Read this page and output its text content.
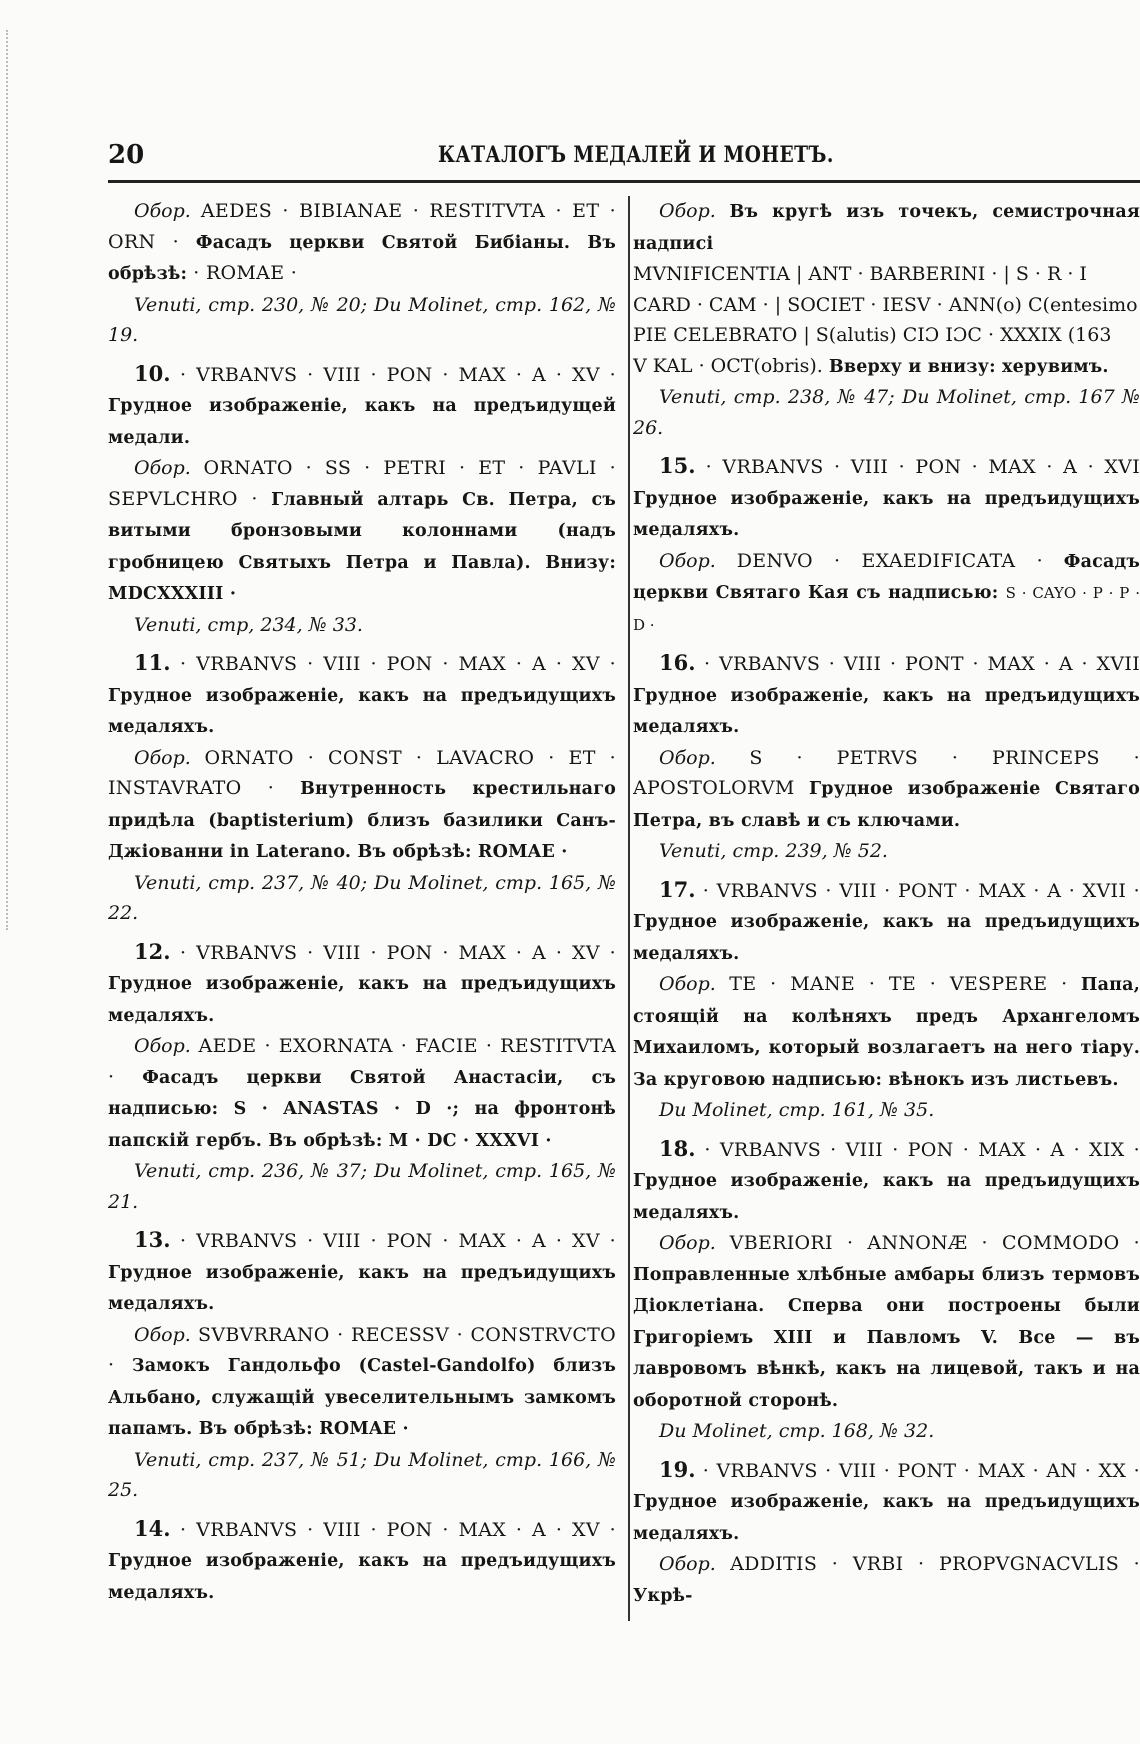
20	КАТАЛОГЪ МЕДАЛЕЙ И МОНЕТЪ.

Обор. AEDES · BIBIANAE · RESTITVTA · ET · ORN · Фасадъ церкви Святой Бибіаны. Въ обрѣзѣ: · ROMAE ·

Venuti, стр. 230, № 20; Du Molinet, стр. 162, № 19.

10. · VRBANVS · VIII · PON · MAX · A · XV · Грудное изображеніе, какъ на предъидущей медали.

Обор. ORNATO · SS · PETRI · ET · PAVLI · SEPVLCHRO · Главный алтарь Св. Петра, съ витыми бронзовыми колоннами (надъ гробницею Святыхъ Петра и Павла). Внизу: MDCXXXIII ·

Venuti, стр, 234, № 33.

11. · VRBANVS · VIII · PON · MAX · A · XV · Грудное изображеніе, какъ на предъидущихъ медаляхъ.

Обор. ORNATO · CONST · LAVACRO · ET · INSTAVRATO · Внутренность крестильнаго придѣла (baptisterium) близъ базилики Санъ-Джіованни in Laterano. Въ обрѣзѣ: ROMAE ·

Venuti, стр. 237, № 40; Du Molinet, стр. 165, № 22.

12. · VRBANVS · VIII · PON · MAX · A · XV · Грудное изображеніе, какъ на предъидущихъ медаляхъ.

Обор. AEDE · EXORNATA · FACIE · RESTITVTA · Фасадъ церкви Святой Анастасіи, съ надписью: S · ANASTAS · D ·; на фронтонѣ папскій гербъ. Въ обрѣзѣ: M · DC · XXXVI ·

Venuti, стр. 236, № 37; Du Molinet, стр. 165, № 21.

13. · VRBANVS · VIII · PON · MAX · A · XV · Грудное изображеніе, какъ на предъидущихъ медаляхъ.

Обор. SVBVRRANO · RECESSV · CONSTRVCTO · Замокъ Гандольфо (Castel-Gandolfo) близъ Альбано, служащій увеселительнымъ замкомъ папамъ. Въ обрѣзѣ: ROMAE ·

Venuti, стр. 237, № 51; Du Molinet, стр. 166, № 25.

14. · VRBANVS · VIII · PON · MAX · A · XV · Грудное изображеніе, какъ на предъидущихъ медаляхъ.

Обор. Въ кругѣ изъ точекъ, семистрочная надписі

MVNIFICENTIA | ANT · BARBERINI · | S · R · I

CARD · CAM · | SOCIET · IESV · ANN(o) C(entesimo

PIE CELEBRATO | S(alutis) CIƆ IƆC · XXXIX (163

V KAL · OCT(obris). Вверху и внизу: херувимъ.

Venuti, стр. 238, № 47; Du Molinet, стр. 167 № 26.

15. · VRBANVS · VIII · PON · MAX · A · XVI Грудное изображеніе, какъ на предъидущихъ медаляхъ.

Обор. DENVO · EXAEDIFICATA · Фасадъ церкви Святаго Кая съ надписью: S · CAYO · P · P · D ·

16. · VRBANVS · VIII · PONT · MAX · A · XVII Грудное изображеніе, какъ на предъидущихъ медаляхъ.

Обор. S · PETRVS · PRINCEPS · APOSTOLORVM Грудное изображеніе Святаго Петра, въ славѣ и съ ключами.

Venuti, стр. 239, № 52.

17. · VRBANVS · VIII · PONT · MAX · A · XVII · Грудное изображеніе, какъ на предъидущихъ медаляхъ.

Обор. TE · MANE · TE · VESPERE · Папа, стоящій на колѣняхъ предъ Архангеломъ Михаиломъ, который возлагаетъ на него тіару. За круговою надписью: вѣнокъ изъ листьевъ.

Du Molinet, стр. 161, № 35.

18. · VRBANVS · VIII · PON · MAX · A · XIX · Грудное изображеніе, какъ на предъидущихъ медаляхъ.

Обор. VBERIORI · ANNONÆ · COMMODO · Поправленные хлѣбные амбары близъ термовъ Діоклетіана. Сперва они построены были Григоріемъ XIII и Павломъ V. Все — въ лавровомъ вѣнкѣ, какъ на лицевой, такъ и на оборотной сторонѣ.

Du Molinet, стр. 168, № 32.

19. · VRBANVS · VIII · PONT · MAX · AN · XX · Грудное изображеніе, какъ на предъидущихъ медаляхъ.

Обор. ADDITIS · VRBI · PROPVGNACVLIS · Укрѣ-
